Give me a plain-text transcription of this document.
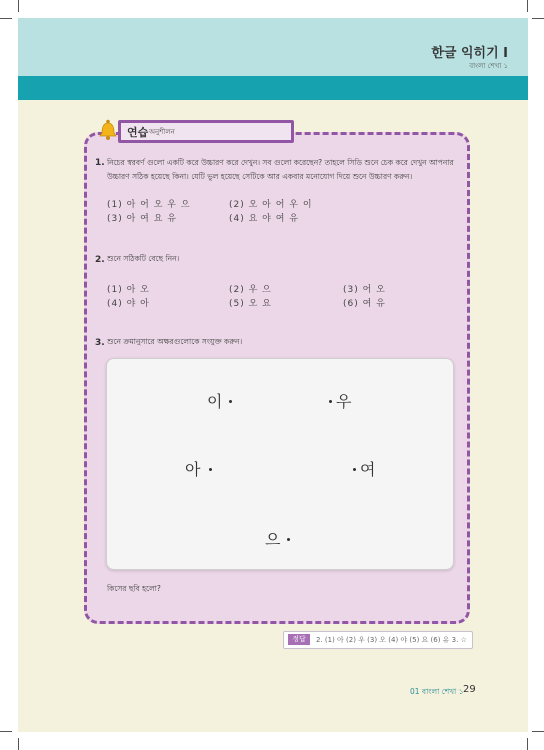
한글 익히기 I
বাংলা শেখা ১
연습 অনুশীলন
1. নিচের স্বরবর্ণ গুলো একটি করে উচ্চারণ করে দেখুন। সব গুলো করেছেন? তাহলে সিডি শুনে চেক করে দেখুন আপনার
উচ্চারণ সঠিক হয়েছে কিনা। যেটি ভুল হয়েছে সেটিকে আর একবার মনোযোগ দিয়ে শুনে উচ্চারণ করুন।
(1) 아 어 오 우 으	(2) 오 아 어 우 이
(3) 아 여 요 유	(4) 요 야 여 유
2. শুনে সঠিকটি বেছে নিন।
(1) 아 오	(2) 우 으	(3) 어 오
(4) 야 아	(5) 오 요	(6) 여 유
3. শুনে ক্রমানুসারে অক্ষরগুলোকে সংযুক্ত করুন।
이	우
아	여
으
কিসের ছবি হলো?
정답	2. (1) 아 (2) 우 (3) 오 (4) 야 (5) 요 (6) 유 3. ☆
01 বাংলা শেখা ১ 29
